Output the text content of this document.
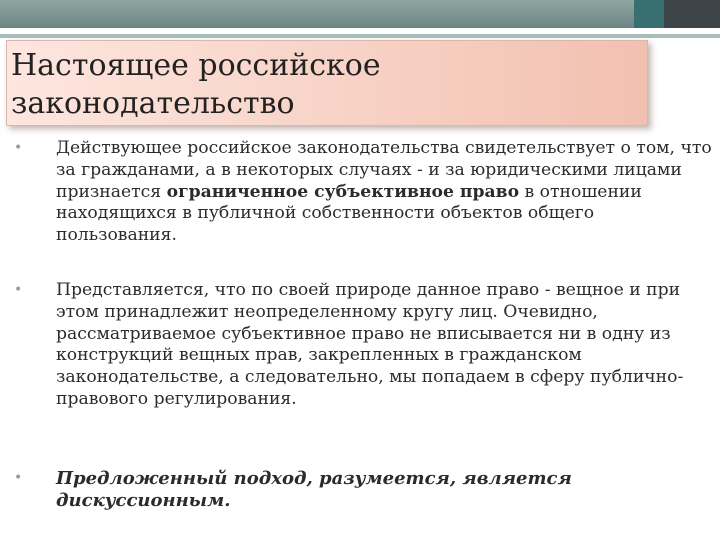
Настоящее российское законодательство
• Действующее российское законодательства свидетельствует о том, что за гражданами, а в некоторых случаях - и за юридическими лицами признается ограниченное субъективное право в отношении находящихся в публичной собственности объектов общего пользования.
• Представляется, что по своей природе данное право - вещное и при этом принадлежит неопределенному кругу лиц. Очевидно, рассматриваемое субъективное право не вписывается ни в одну из конструкций вещных прав, закрепленных в гражданском законодательстве, а следовательно, мы попадаем в сферу публично-правового регулирования.
• Предложенный подход, разумеется, является дискуссионным.
